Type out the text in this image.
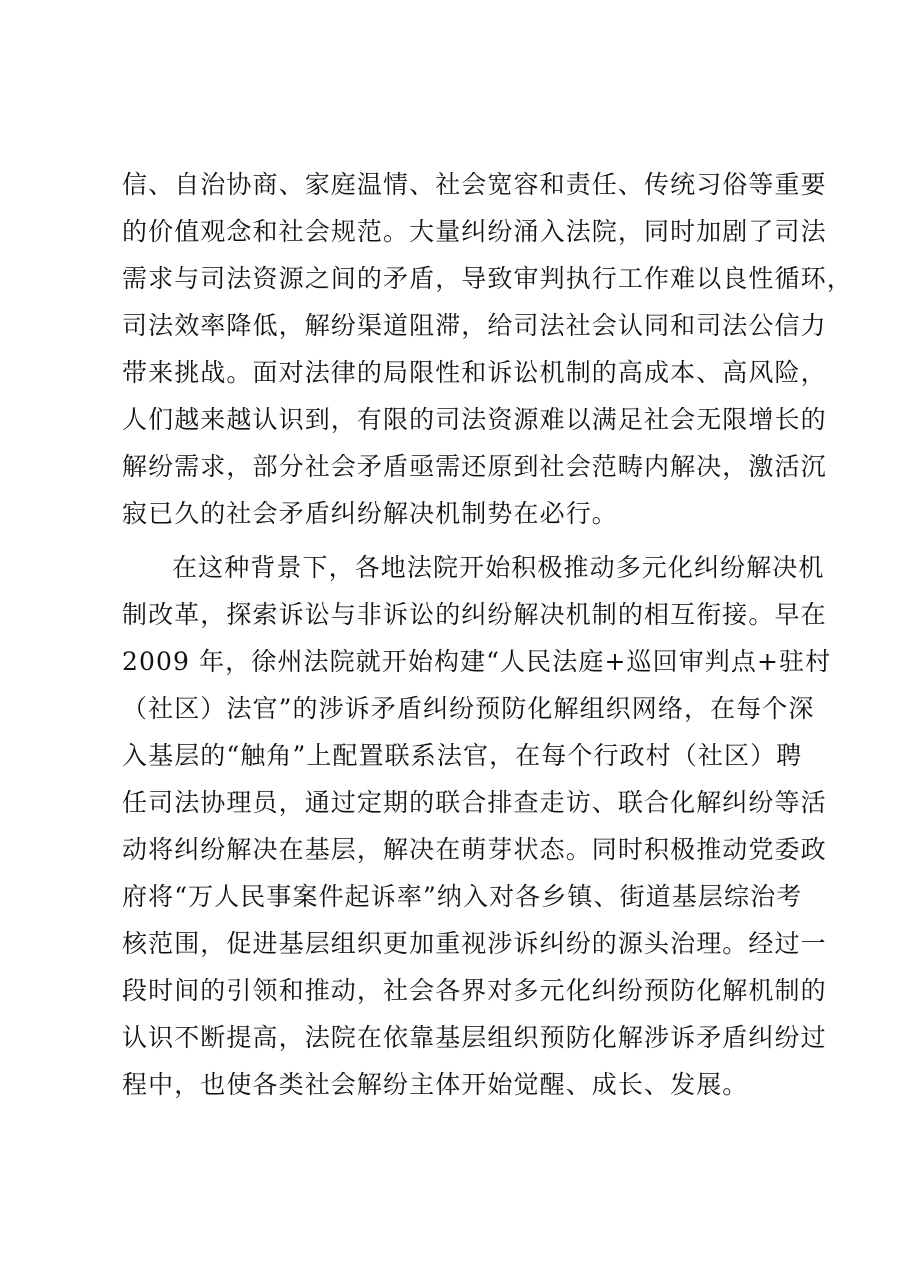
信、自治协商、家庭温情、社会宽容和责任、传统习俗等重要
的价值观念和社会规范。大量纠纷涌入法院，同时加剧了司法
需求与司法资源之间的矛盾，导致审判执行工作难以良性循环，
司法效率降低，解纷渠道阻滞，给司法社会认同和司法公信力
带来挑战。面对法律的局限性和诉讼机制的高成本、高风险，
人们越来越认识到，有限的司法资源难以满足社会无限增长的
解纷需求，部分社会矛盾亟需还原到社会范畴内解决，激活沉
寂已久的社会矛盾纠纷解决机制势在必行。
在这种背景下，各地法院开始积极推动多元化纠纷解决机
制改革，探索诉讼与非诉讼的纠纷解决机制的相互衔接。早在
2009 年，徐州法院就开始构建“人民法庭+巡回审判点+驻村
（社区）法官”的涉诉矛盾纠纷预防化解组织网络，在每个深
入基层的“触角”上配置联系法官，在每个行政村（社区）聘
任司法协理员，通过定期的联合排查走访、联合化解纠纷等活
动将纠纷解决在基层，解决在萌芽状态。同时积极推动党委政
府将“万人民事案件起诉率”纳入对各乡镇、街道基层综治考
核范围，促进基层组织更加重视涉诉纠纷的源头治理。经过一
段时间的引领和推动，社会各界对多元化纠纷预防化解机制的
认识不断提高，法院在依靠基层组织预防化解涉诉矛盾纠纷过
程中，也使各类社会解纷主体开始觉醒、成长、发展。
